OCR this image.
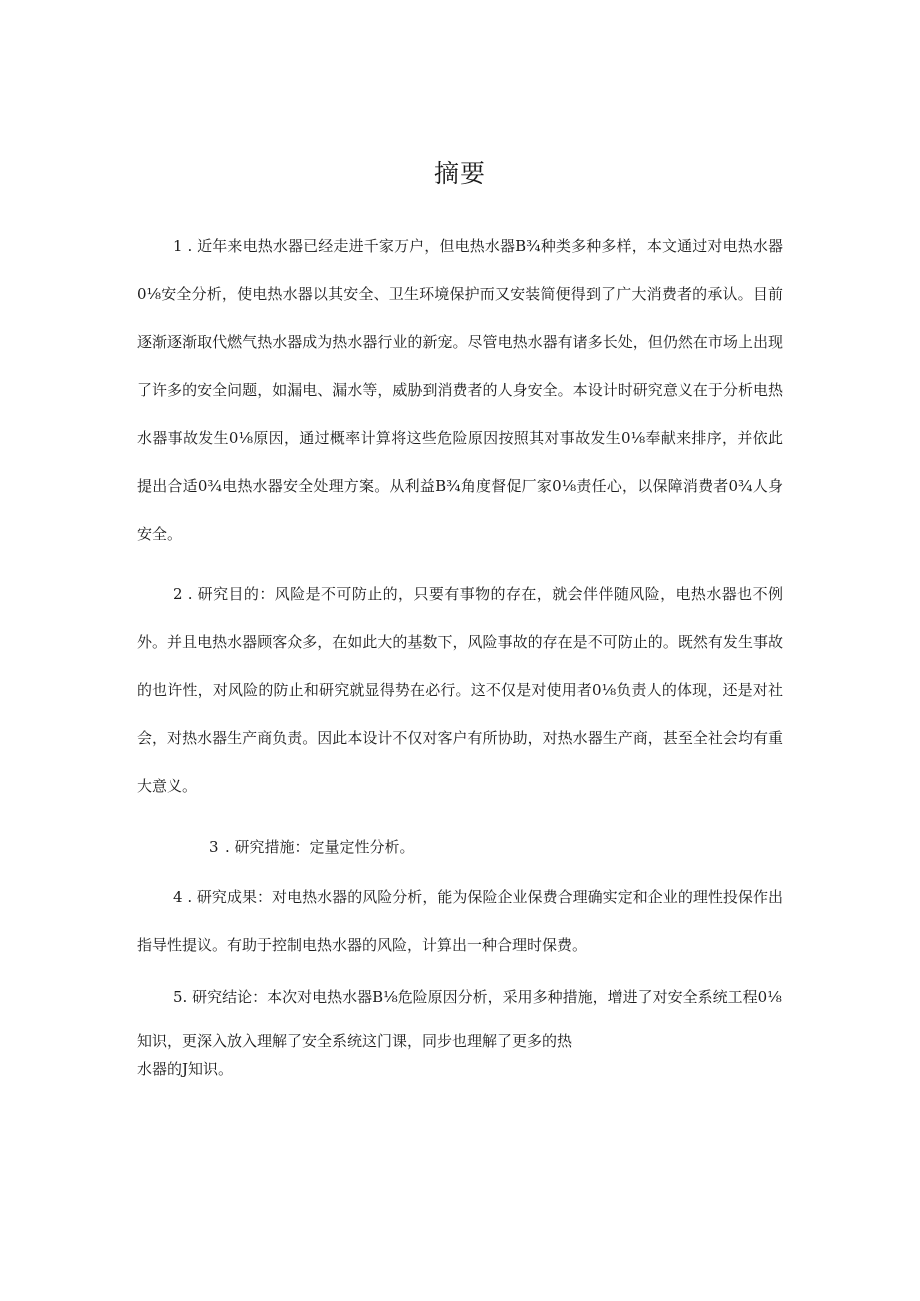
摘要

1 . 近年来电热水器已经走进千家万户，但电热水器B¾种类多种多样，本文通过对电热水器0⅛安全分析，使电热水器以其安全、卫生环境保护而又安装简便得到了广大消费者的承认。目前逐渐逐渐取代燃气热水器成为热水器行业的新宠。尽管电热水器有诸多长处，但仍然在市场上出现了许多的安全问题，如漏电、漏水等，威胁到消费者的人身安全。本设计时研究意义在于分析电热水器事故发生0⅛原因，通过概率计算将这些危险原因按照其对事故发生0⅛奉献来排序，并依此提出合适0¾电热水器安全处理方案。从利益B¾角度督促厂家0⅛责任心，以保障消费者0¾人身安全。

2 . 研究目的：风险是不可防止的，只要有事物的存在，就会伴伴随风险，电热水器也不例外。并且电热水器顾客众多，在如此大的基数下，风险事故的存在是不可防止的。既然有发生事故的也许性，对风险的防止和研究就显得势在必行。这不仅是对使用者0⅛负责人的体现，还是对社会，对热水器生产商负责。因此本设计不仅对客户有所协助，对热水器生产商，甚至全社会均有重大意义。

3 . 研究措施：定量定性分析。

4 . 研究成果：对电热水器的风险分析，能为保险企业保费合理确实定和企业的理性投保作出指导性提议。有助于控制电热水器的风险，计算出一种合理时保费。

5. 研究结论：本次对电热水器B⅛危险原因分析，采用多种措施，增进了对安全系统工程0⅛
知识，更深入放入理解了安全系统这门课，同步也理解了更多的热
水器的J知识。
